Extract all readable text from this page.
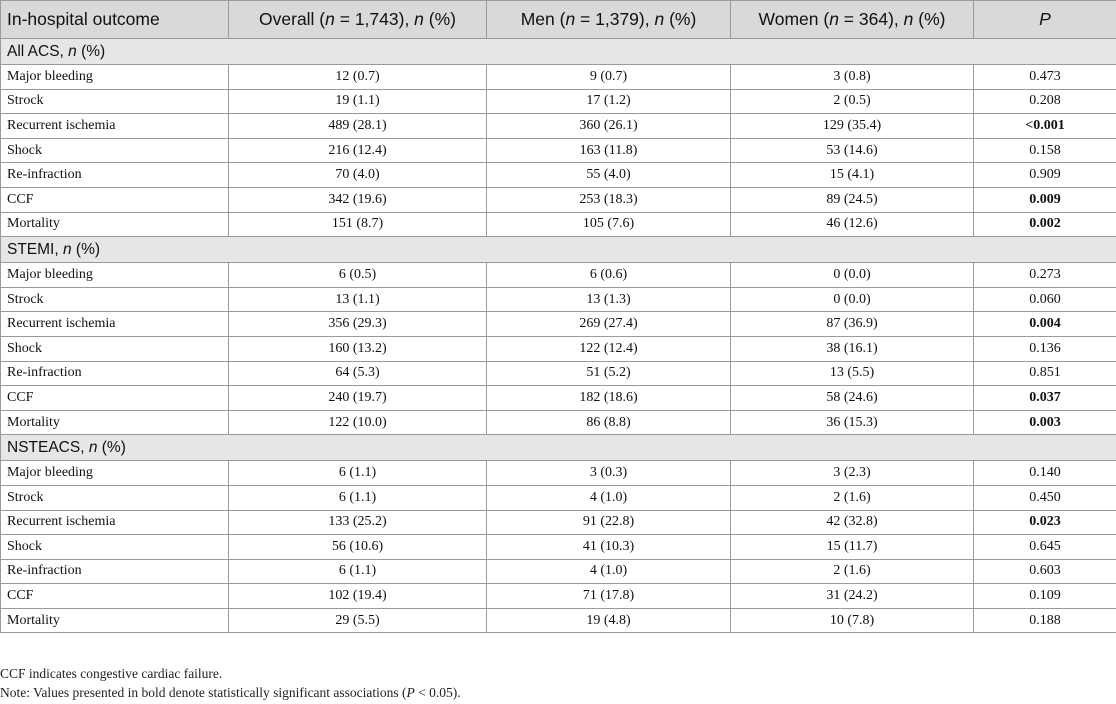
In-hospital outcome	Overall (n = 1,743), n (%)	Men (n = 1,379), n (%)	Women (n = 364), n (%)	P
All ACS, n (%)				
Major bleeding	12 (0.7)	9 (0.7)	3 (0.8)	0.473
Strock	19 (1.1)	17 (1.2)	2 (0.5)	0.208
Recurrent ischemia	489 (28.1)	360 (26.1)	129 (35.4)	<0.001
Shock	216 (12.4)	163 (11.8)	53 (14.6)	0.158
Re-infraction	70 (4.0)	55 (4.0)	15 (4.1)	0.909
CCF	342 (19.6)	253 (18.3)	89 (24.5)	0.009
Mortality	151 (8.7)	105 (7.6)	46 (12.6)	0.002
STEMI, n (%)				
Major bleeding	6 (0.5)	6 (0.6)	0 (0.0)	0.273
Strock	13 (1.1)	13 (1.3)	0 (0.0)	0.060
Recurrent ischemia	356 (29.3)	269 (27.4)	87 (36.9)	0.004
Shock	160 (13.2)	122 (12.4)	38 (16.1)	0.136
Re-infraction	64 (5.3)	51 (5.2)	13 (5.5)	0.851
CCF	240 (19.7)	182 (18.6)	58 (24.6)	0.037
Mortality	122 (10.0)	86 (8.8)	36 (15.3)	0.003
NSTEACS, n (%)				
Major bleeding	6 (1.1)	3 (0.3)	3 (2.3)	0.140
Strock	6 (1.1)	4 (1.0)	2 (1.6)	0.450
Recurrent ischemia	133 (25.2)	91 (22.8)	42 (32.8)	0.023
Shock	56 (10.6)	41 (10.3)	15 (11.7)	0.645
Re-infraction	6 (1.1)	4 (1.0)	2 (1.6)	0.603
CCF	102 (19.4)	71 (17.8)	31 (24.2)	0.109
Mortality	29 (5.5)	19 (4.8)	10 (7.8)	0.188
CCF indicates congestive cardiac failure.
Note: Values presented in bold denote statistically significant associations (P < 0.05).
